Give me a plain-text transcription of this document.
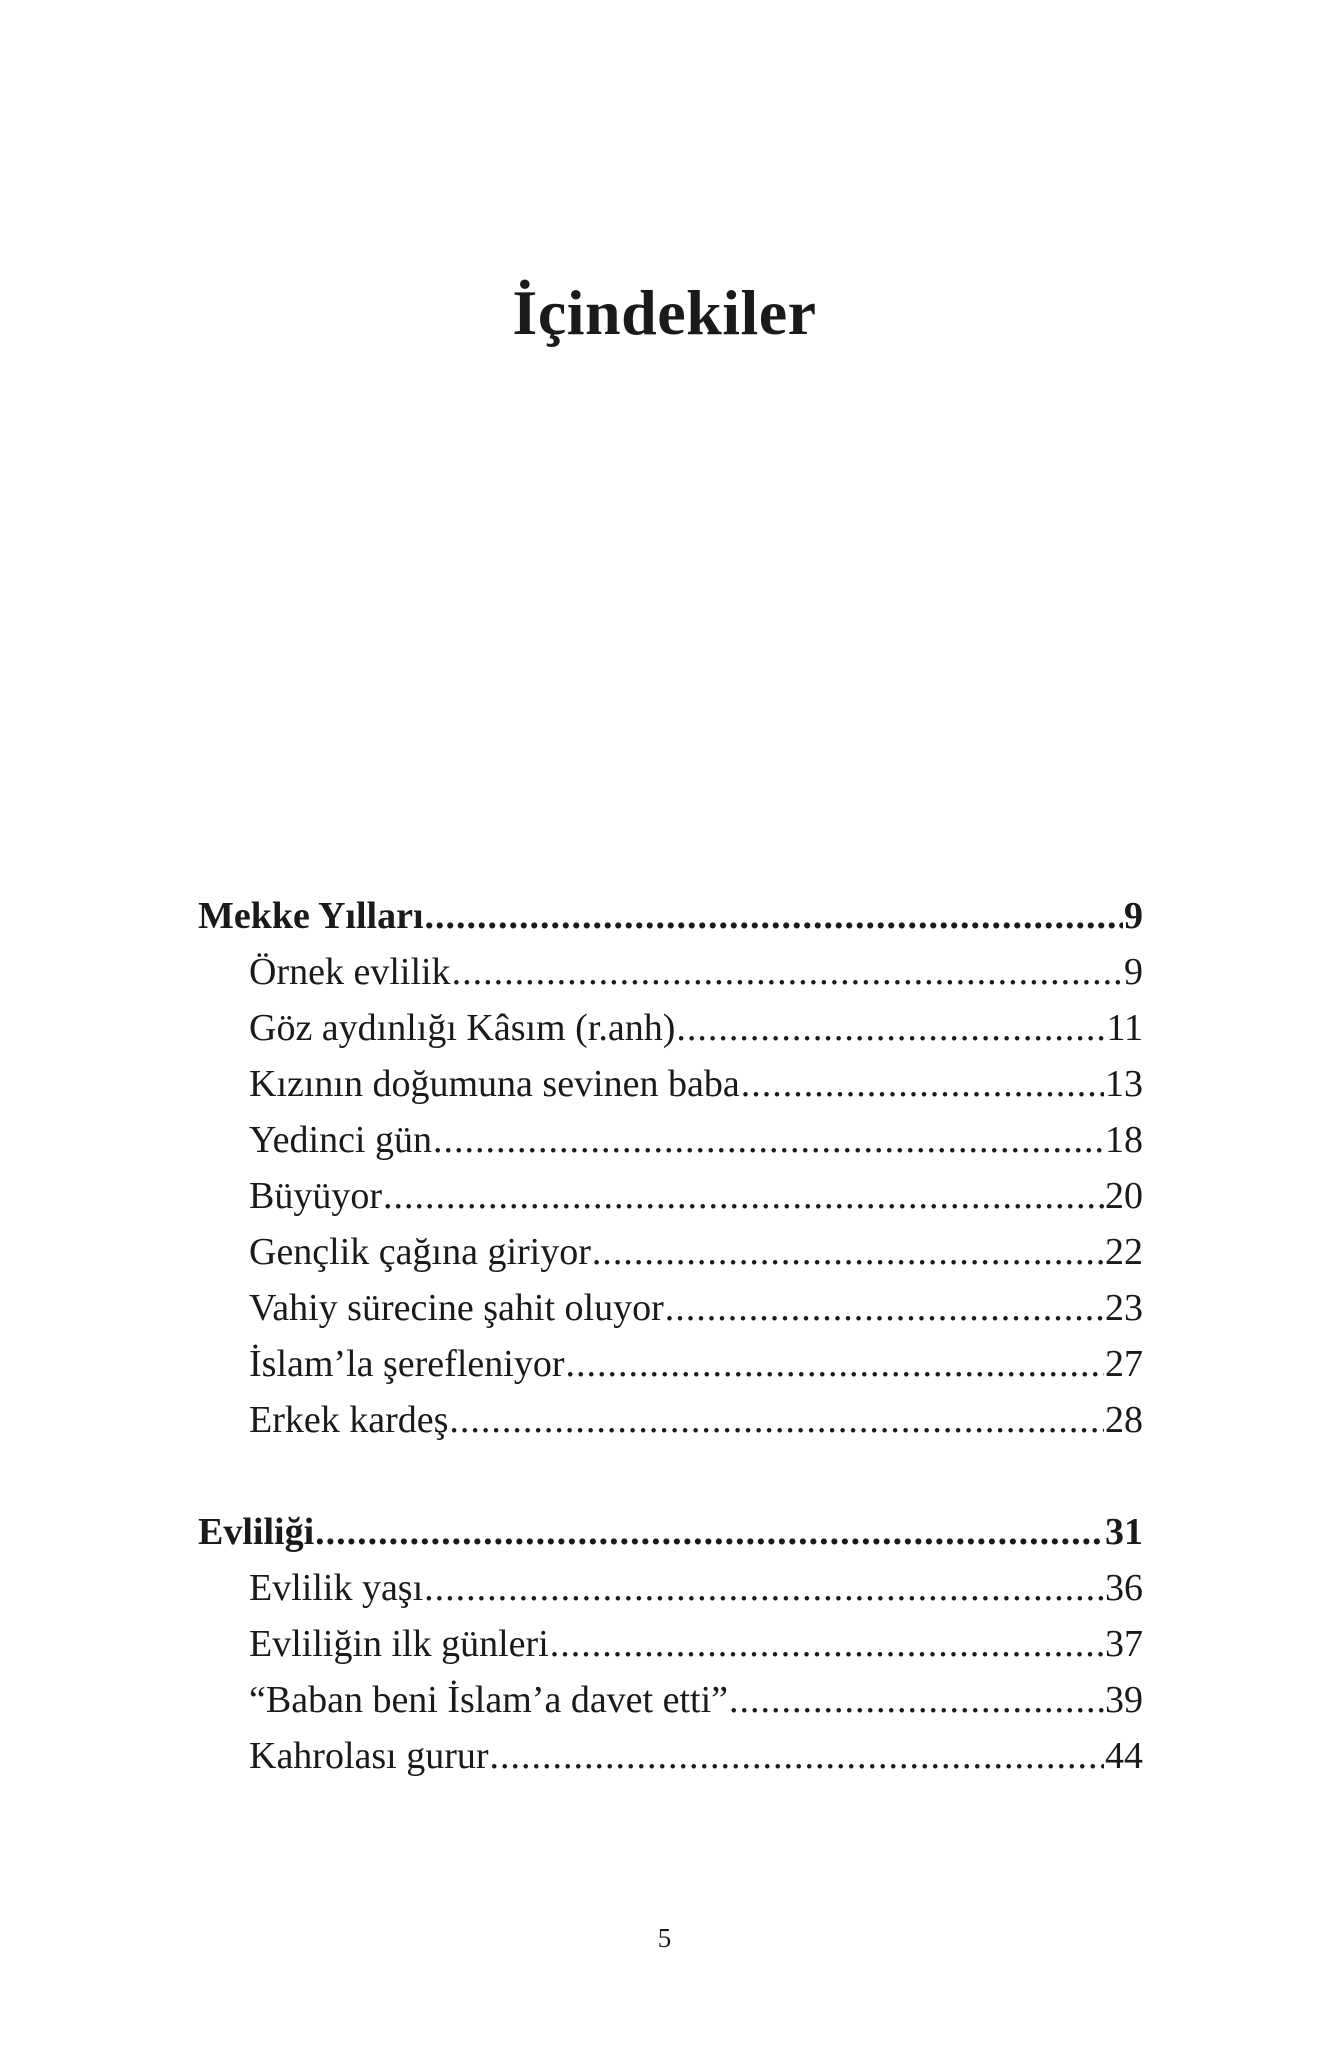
İçindekiler
Mekke Yılları .....	9
Örnek evlilik .....	9
Göz aydınlığı Kâsım (r.anh) .....	11
Kızının doğumuna sevinen baba .....	13
Yedinci gün .....	18
Büyüyor .....	20
Gençlik çağına giriyor .....	22
Vahiy sürecine şahit oluyor .....	23
İslam’la şerefleniyor .....	27
Erkek kardeş .....	28
Evliliği .....	31
Evlilik yaşı .....	36
Evliliğin ilk günleri .....	37
“Baban beni İslam’a davet etti” .....	39
Kahrolası gurur .....	44
5
